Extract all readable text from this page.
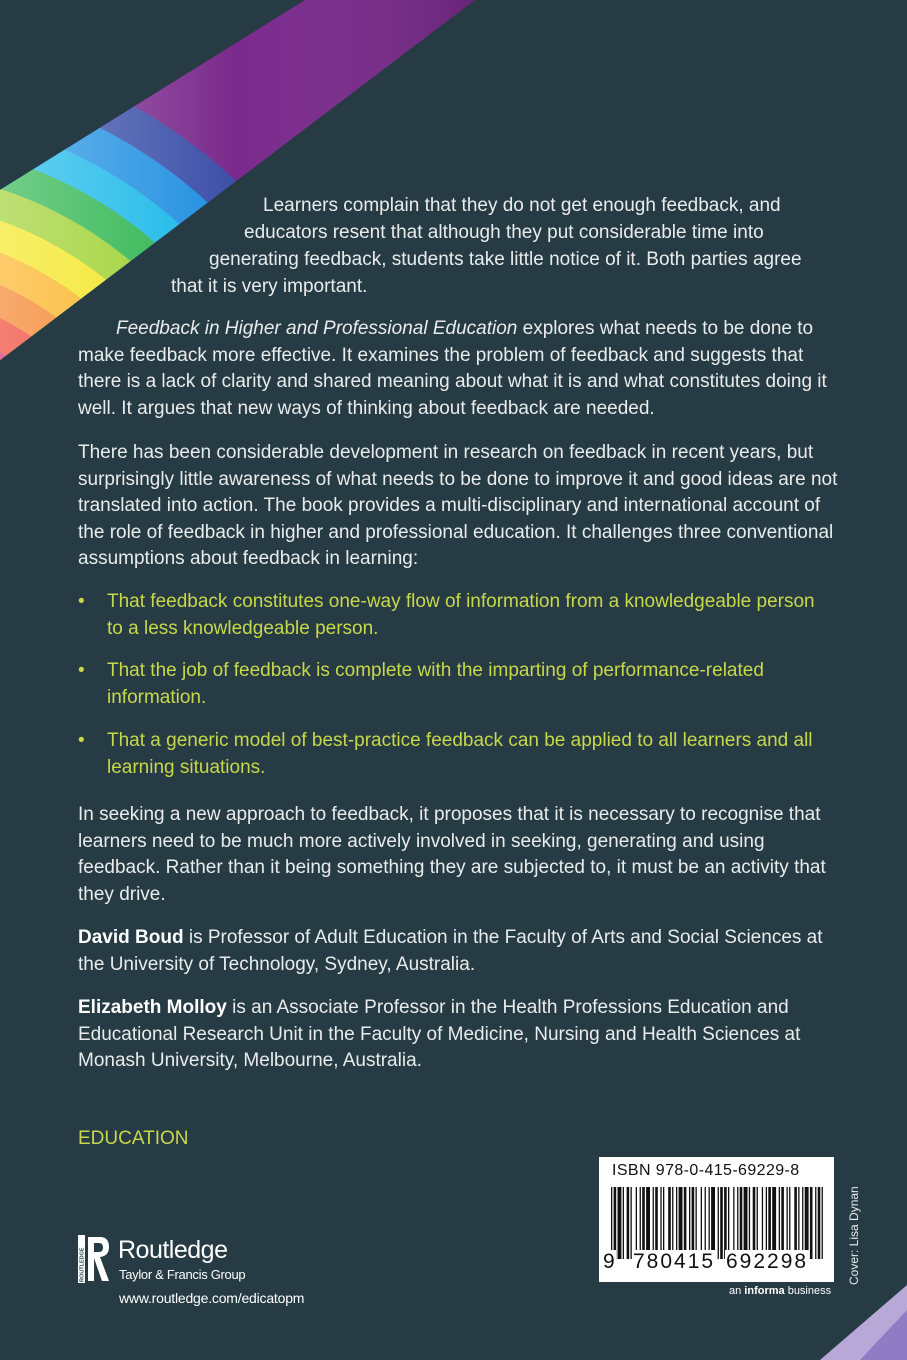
Learners complain that they do not get enough feedback, and

educators resent that although they put considerable time into

generating feedback, students take little notice of it. Both parties agree

that it is very important.

Feedback in Higher and Professional Education explores what needs to be done to make feedback more effective. It examines the problem of feedback and suggests that there is a lack of clarity and shared meaning about what it is and what constitutes doing it well. It argues that new ways of thinking about feedback are needed.

There has been considerable development in research on feedback in recent years, but surprisingly little awareness of what needs to be done to improve it and good ideas are not translated into action. The book provides a multi-disciplinary and international account of the role of feedback in higher and professional education. It challenges three conventional assumptions about feedback in learning:

•	That feedback constitutes one-way flow of information from a knowledgeable person to a less knowledgeable person.

•	That the job of feedback is complete with the imparting of performance-related information.

•	That a generic model of best-practice feedback can be applied to all learners and all learning situations.

In seeking a new approach to feedback, it proposes that it is necessary to recognise that learners need to be much more actively involved in seeking, generating and using feedback. Rather than it being something they are subjected to, it must be an activity that they drive.

David Boud is Professor of Adult Education in the Faculty of Arts and Social Sciences at the University of Technology, Sydney, Australia.

Elizabeth Molloy is an Associate Professor in the Health Professions Education and Educational Research Unit in the Faculty of Medicine, Nursing and Health Sciences at Monash University, Melbourne, Australia.

EDUCATION
ROUTLEDGE Routledge
Taylor & Francis Group
www.routledge.com/edicatopm
ISBN 978-0-415-69229-8
9 780415 692298
an informa business
Cover: Lisa Dynan
